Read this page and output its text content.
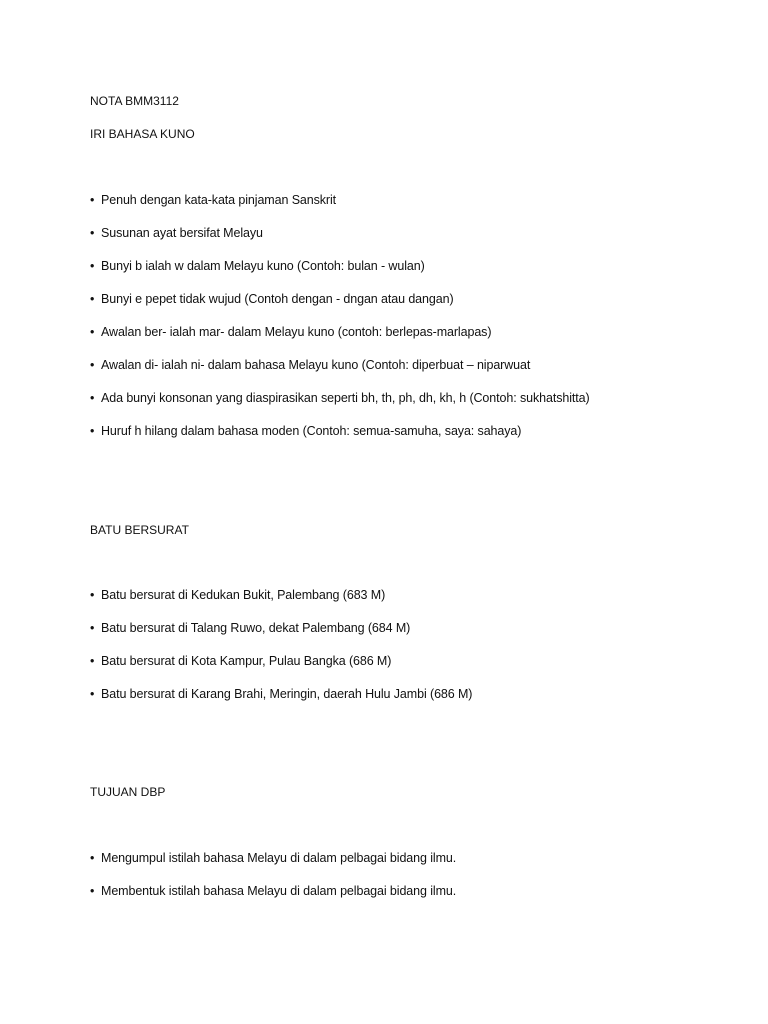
NOTA BMM3112
IRI BAHASA KUNO
• Penuh dengan kata-kata pinjaman Sanskrit
• Susunan ayat bersifat Melayu
• Bunyi b ialah w dalam Melayu kuno (Contoh: bulan - wulan)
• Bunyi e pepet tidak wujud (Contoh dengan - dngan atau dangan)
• Awalan ber- ialah mar- dalam Melayu kuno (contoh: berlepas-marlapas)
• Awalan di- ialah ni- dalam bahasa Melayu kuno (Contoh: diperbuat – niparwuat
• Ada bunyi konsonan yang diaspirasikan seperti bh, th, ph, dh, kh, h (Contoh: sukhatshitta)
• Huruf h hilang dalam bahasa moden (Contoh: semua-samuha, saya: sahaya)
BATU BERSURAT
• Batu bersurat di Kedukan Bukit, Palembang (683 M)
• Batu bersurat di Talang Ruwo, dekat Palembang (684 M)
• Batu bersurat di Kota Kampur, Pulau Bangka (686 M)
• Batu bersurat di Karang Brahi, Meringin, daerah Hulu Jambi (686 M)
TUJUAN DBP
• Mengumpul istilah bahasa Melayu di dalam pelbagai bidang ilmu.
• Membentuk istilah bahasa Melayu di dalam pelbagai bidang ilmu.
